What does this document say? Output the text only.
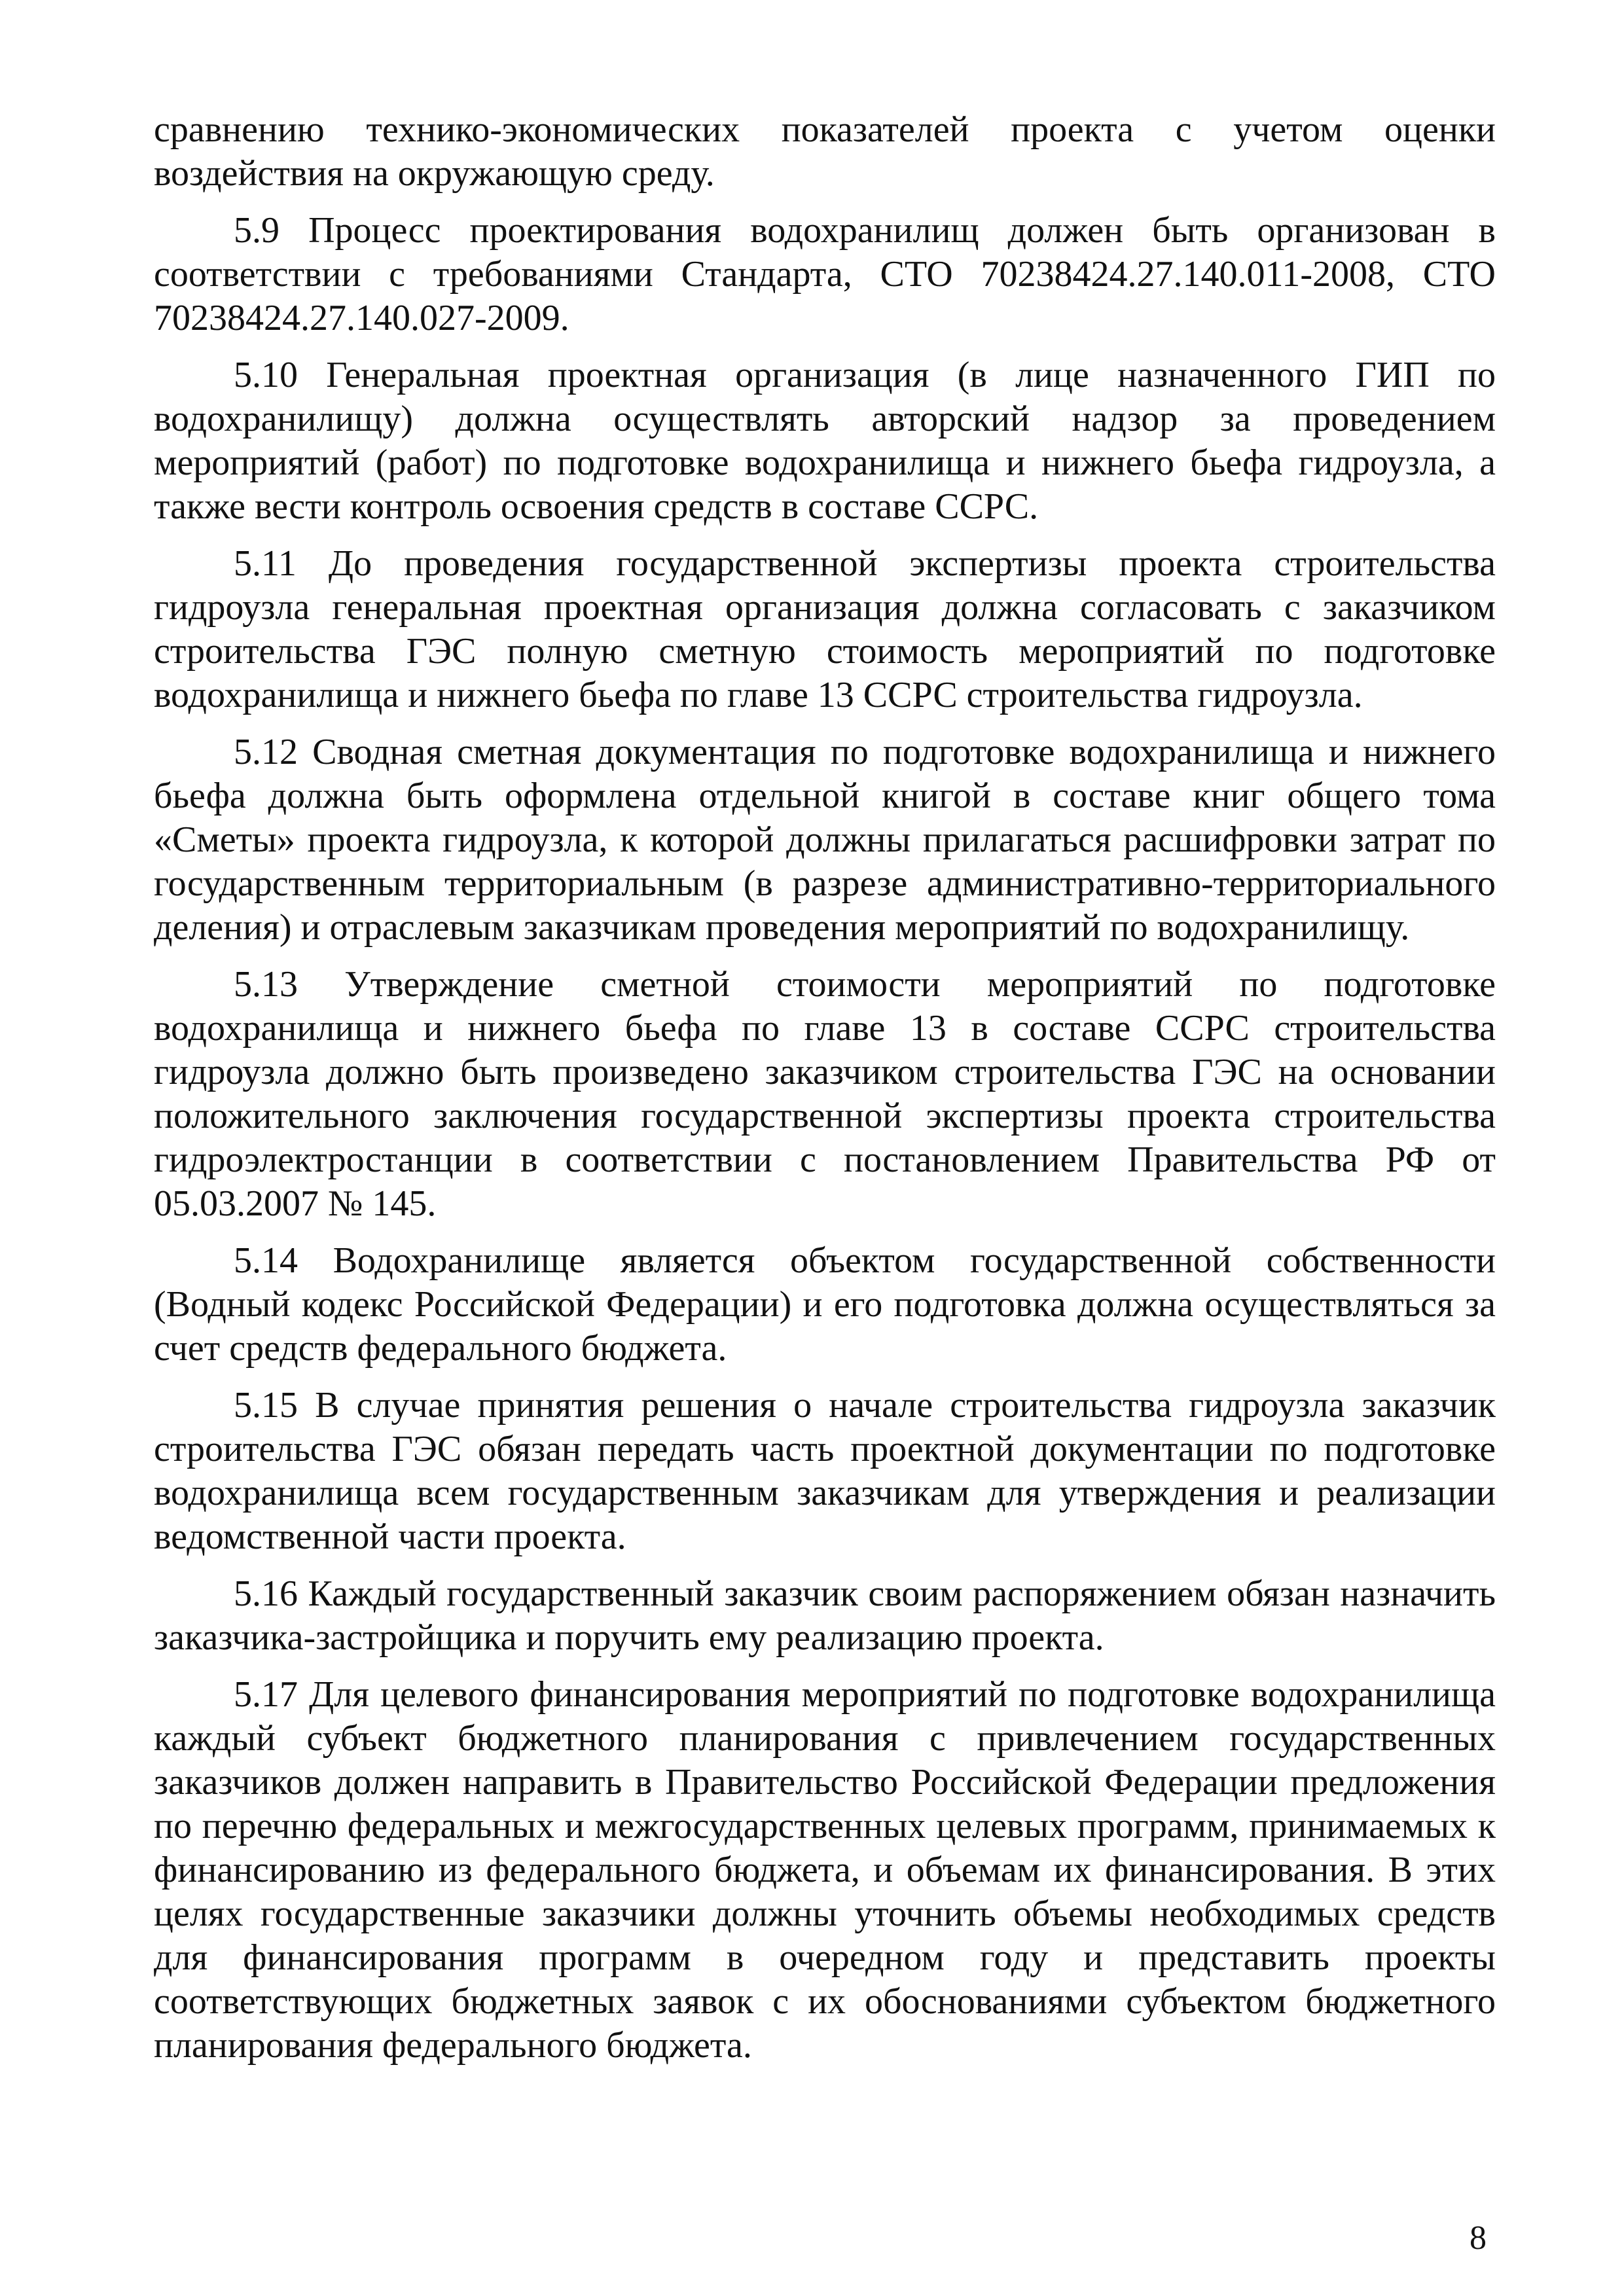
сравнению технико-экономических показателей проекта с учетом оценки воздействия на окружающую среду.

5.9 Процесс проектирования водохранилищ должен быть организован в соответствии с требованиями Стандарта, СТО 70238424.27.140.011-2008, СТО 70238424.27.140.027-2009.

5.10 Генеральная проектная организация (в лице назначенного ГИП по водохранилищу) должна осуществлять авторский надзор за проведением мероприятий (работ) по подготовке водохранилища и нижнего бьефа гидроузла, а также вести контроль освоения средств в составе ССРС.

5.11 До проведения государственной экспертизы проекта строительства гидроузла генеральная проектная организация должна согласовать с заказчиком строительства ГЭС полную сметную стоимость мероприятий по подготовке водохранилища и нижнего бьефа по главе 13 ССРС строительства гидроузла.

5.12 Сводная сметная документация по подготовке водохранилища и нижнего бьефа должна быть оформлена отдельной книгой в составе книг общего тома «Сметы» проекта гидроузла, к которой должны прилагаться расшифровки затрат по государственным территориальным (в разрезе административно-территориального деления) и отраслевым заказчикам проведения мероприятий по водохранилищу.

5.13 Утверждение сметной стоимости мероприятий по подготовке водохранилища и нижнего бьефа по главе 13 в составе ССРС строительства гидроузла должно быть произведено заказчиком строительства ГЭС на основании положительного заключения государственной экспертизы проекта строительства гидроэлектростанции в соответствии с постановлением Правительства РФ от 05.03.2007 № 145.

5.14 Водохранилище является объектом государственной собственности (Водный кодекс Российской Федерации) и его подготовка должна осуществляться за счет средств федерального бюджета.

5.15 В случае принятия решения о начале строительства гидроузла заказчик строительства ГЭС обязан передать часть проектной документации по подготовке водохранилища всем государственным заказчикам для утверждения и реализации ведомственной части проекта.

5.16 Каждый государственный заказчик своим распоряжением обязан назначить заказчика-застройщика и поручить ему реализацию проекта.

5.17 Для целевого финансирования мероприятий по подготовке водохранилища каждый субъект бюджетного планирования с привлечением государственных заказчиков должен направить в Правительство Российской Федерации предложения по перечню федеральных и межгосударственных целевых программ, принимаемых к финансированию из федерального бюджета, и объемам их финансирования. В этих целях государственные заказчики должны уточнить объемы необходимых средств для финансирования программ в очередном году и представить проекты соответствующих бюджетных заявок с их обоснованиями субъектом бюджетного планирования федерального бюджета.

8
